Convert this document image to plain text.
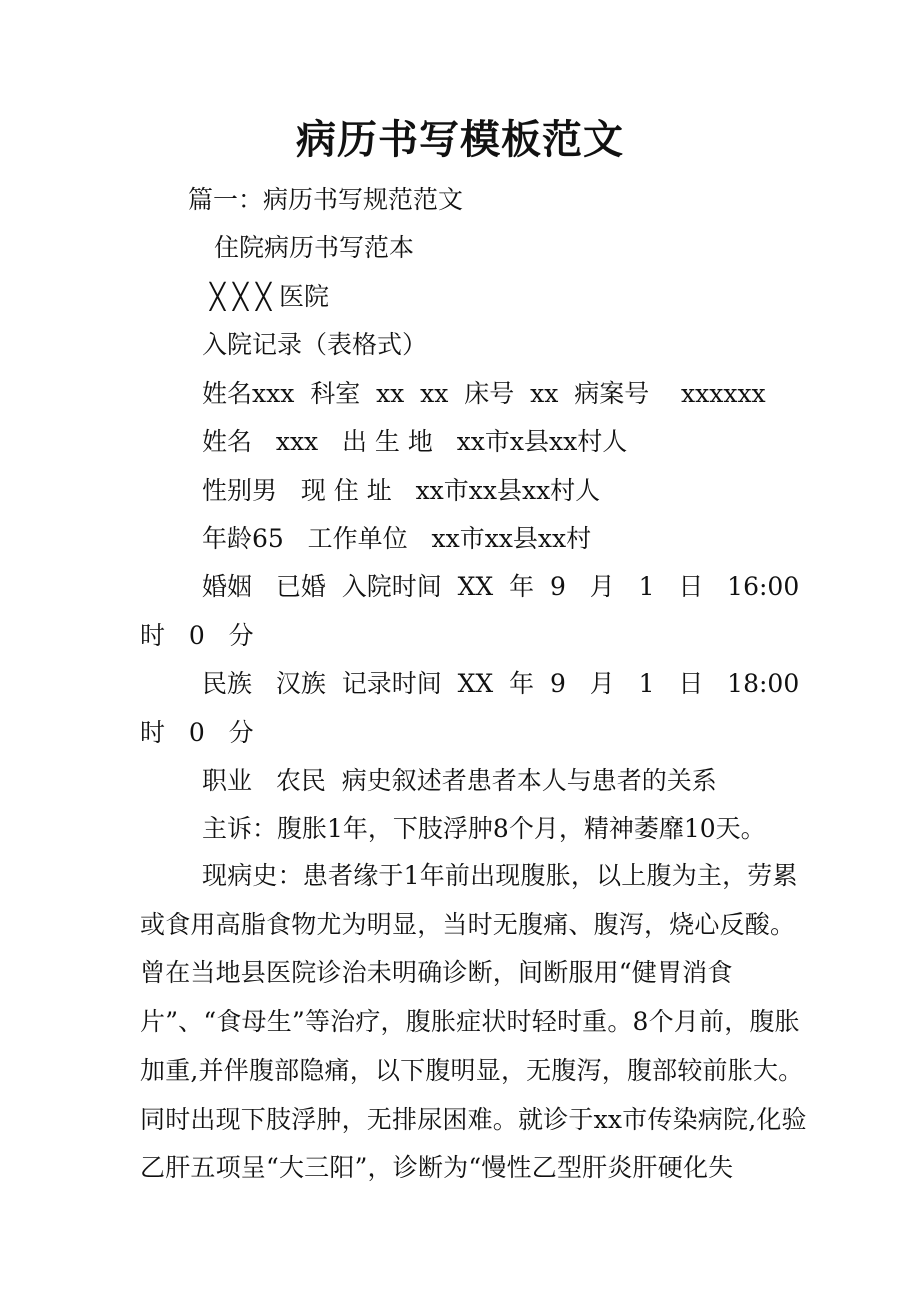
病历书写模板范文
篇一：病历书写规范范文
住院病历书写范本
╳ ╳ ╳ 医院
入院记录（表格式）
姓名xxx  科室  xx  xx  床号  xx  病案号    xxxxxx
姓名   xxx   出 生 地   xx市x县xx村人
性别男   现 住 址   xx市xx县xx村人
年龄65   工作单位   xx市xx县xx村
婚姻   已婚  入院时间  XX  年  9   月   1   日   16:00
时   0   分
民族   汉族  记录时间  XX  年  9   月   1   日   18:00
时   0   分
职业   农民  病史叙述者患者本人与患者的关系
主诉：腹胀1年，下肢浮肿8个月，精神萎靡10天。
现病史：患者缘于1年前出现腹胀，以上腹为主，劳累或食用高脂食物尤为明显，当时无腹痛、腹泻，烧心反酸。曾在当地县医院诊治未明确诊断，间断服用“健胃消食片”、“食母生”等治疗，腹胀症状时轻时重。8个月前，腹胀加重,并伴腹部隐痛，以下腹明显，无腹泻，腹部较前胀大。同时出现下肢浮肿，无排尿困难。就诊于xx市传染病院,化验乙肝五项呈“大三阳”，诊断为“慢性乙型肝炎肝硬化失
